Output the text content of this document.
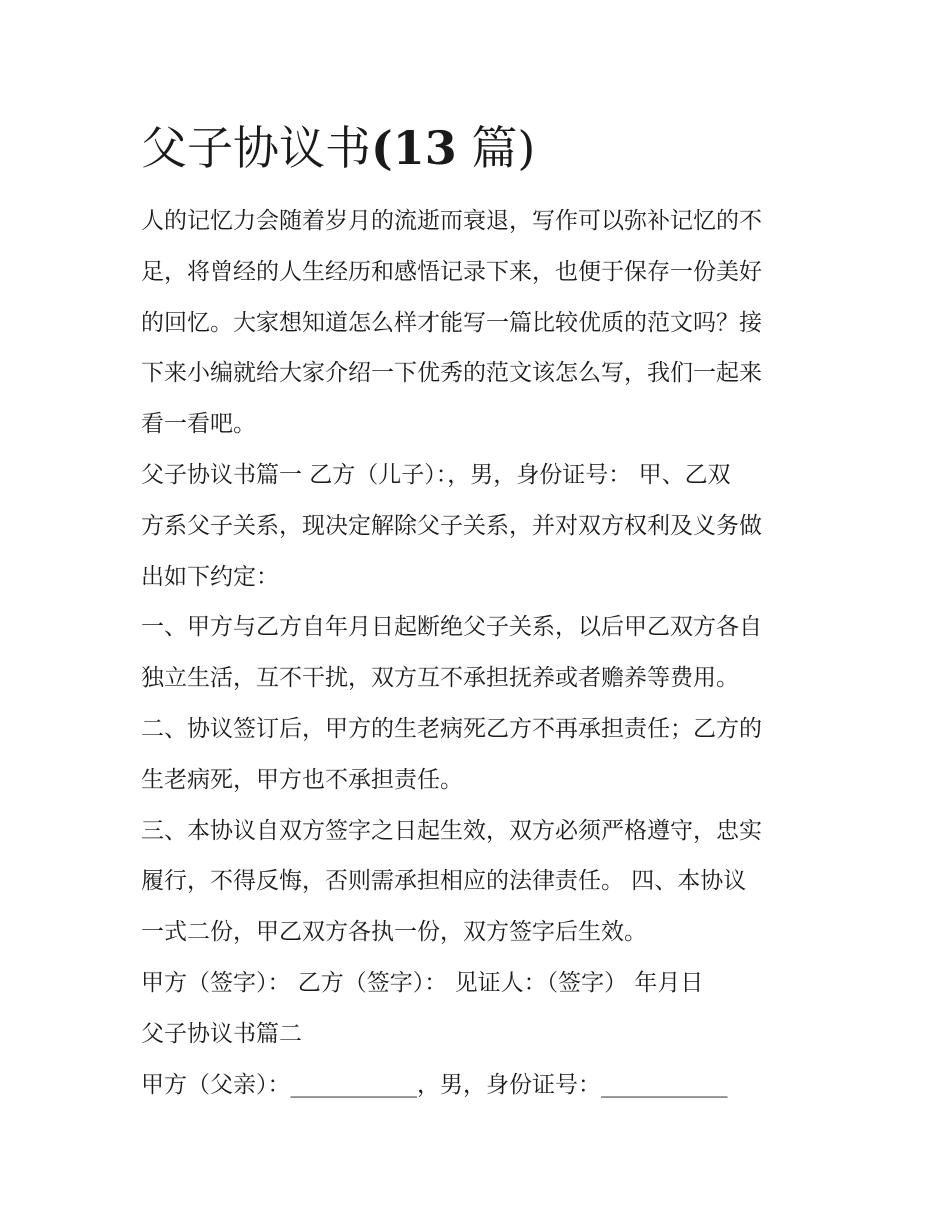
父子协议书(13 篇)
人的记忆力会随着岁月的流逝而衰退，写作可以弥补记忆的不
足，将曾经的人生经历和感悟记录下来，也便于保存一份美好
的回忆。大家想知道怎么样才能写一篇比较优质的范文吗？接
下来小编就给大家介绍一下优秀的范文该怎么写，我们一起来
看一看吧。
父子协议书篇一 乙方（儿子）：，男，身份证号： 甲、乙双
方系父子关系，现决定解除父子关系，并对双方权利及义务做
出如下约定：
一、甲方与乙方自年月日起断绝父子关系，以后甲乙双方各自
独立生活，互不干扰，双方互不承担抚养或者赡养等费用。
二、协议签订后，甲方的生老病死乙方不再承担责任；乙方的
生老病死，甲方也不承担责任。
三、本协议自双方签字之日起生效，双方必须严格遵守，忠实
履行，不得反悔，否则需承担相应的法律责任。 四、本协议
一式二份，甲乙双方各执一份，双方签字后生效。
甲方（签字）： 乙方（签字）： 见证人：（签字） 年月日
父子协议书篇二
甲方（父亲）：___________，男，身份证号：___________
